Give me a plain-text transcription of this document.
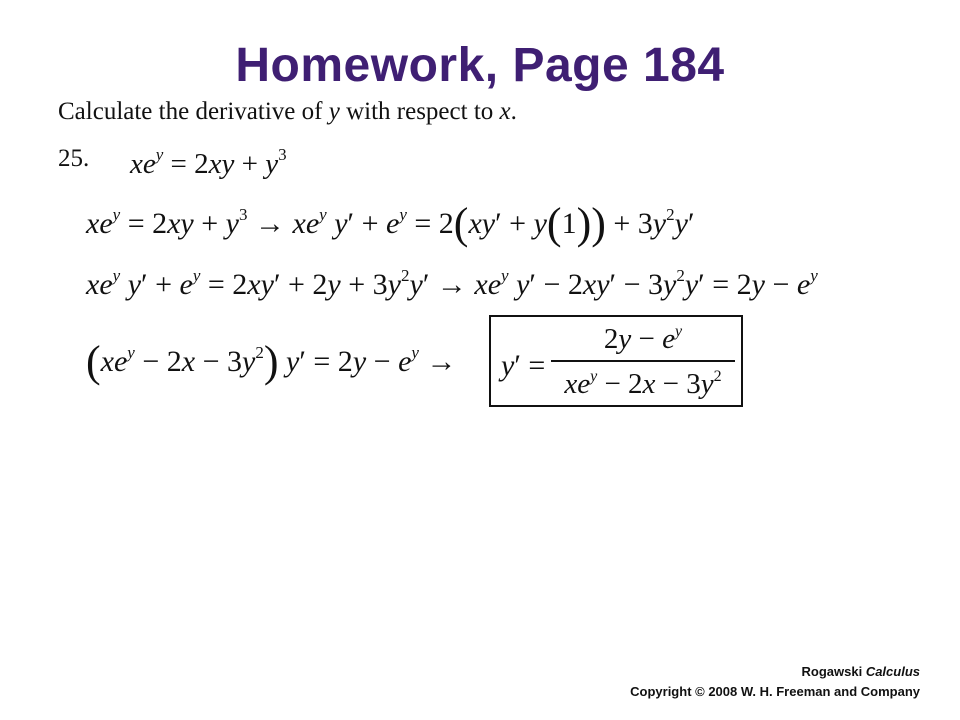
Homework, Page 184
Calculate the derivative of y with respect to x.
25. $xe^y = 2xy + y^3$
$xe^y = 2xy + y^3 \to xe^y$ $y' + e^y = 2(xy' + y(1)) + 3y^2y'$
$xe^y$ $y' + e^y = 2xy' + 2y + 3y^2y' \to xe^y$ $y' - 2xy' - 3y^2y' = 2y - e^y$
$(xe^y - 2x - 3y^2) y' = 2y - e^y \to y'$ =
$2y - e^y$
$xe^y - 2x - 3y^2$
Rogawski Calculus
Copyright © 2008 W. H. Freeman and Company
